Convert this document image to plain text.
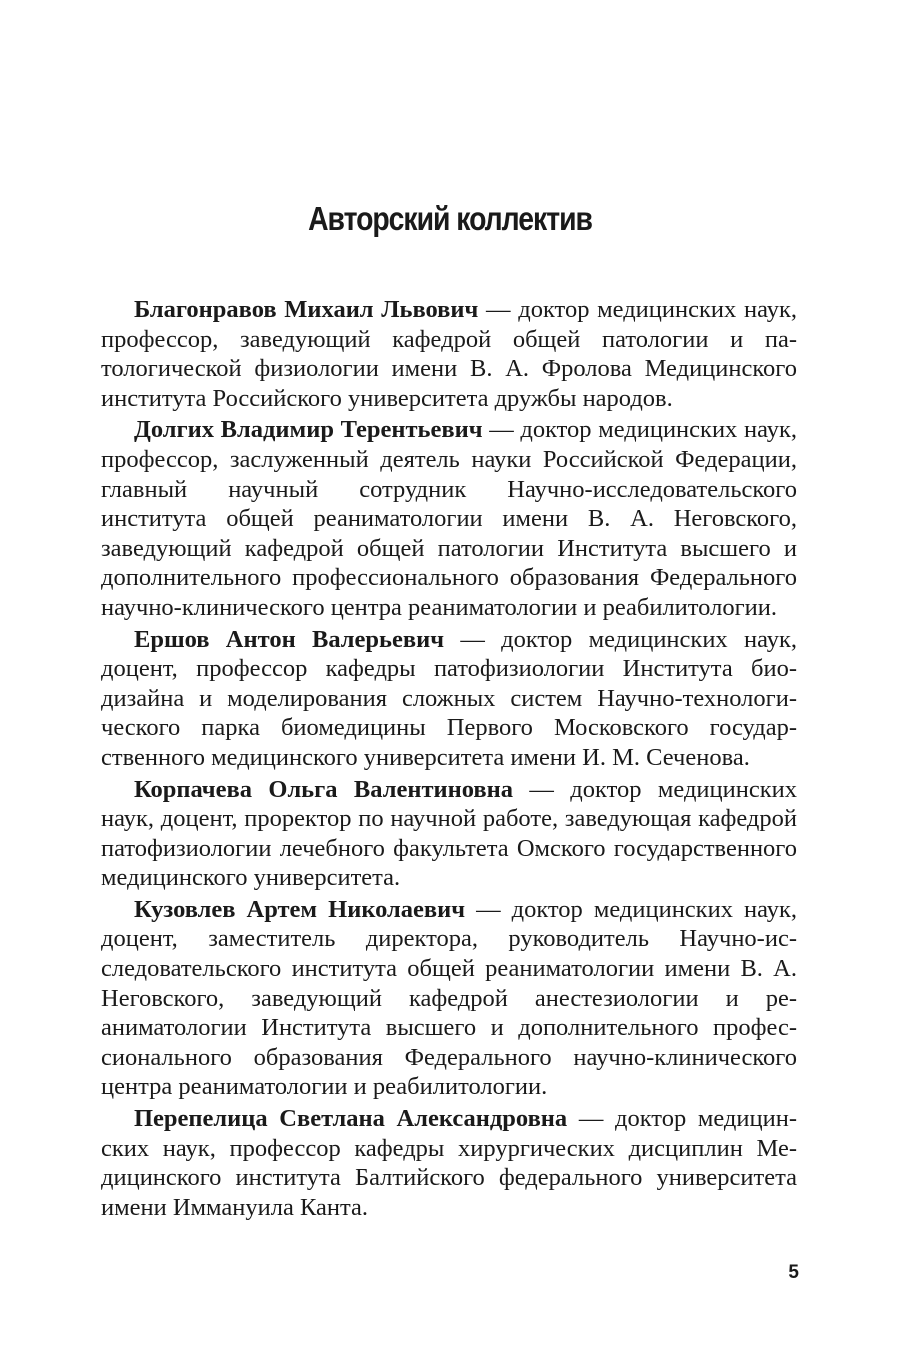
Авторский коллектив

Благонравов Михаил Львович — доктор медицинских наук, профессор, заведующий кафедрой общей патологии и патологической физиологии имени В. А. Фролова Медицинского института Российского университета дружбы народов.

Долгих Владимир Терентьевич — доктор медицинских наук, профессор, заслуженный деятель науки Российской Федерации, главный научный сотрудник Научно-исследовательского института общей реаниматологии имени В. А. Неговского, заведующий кафедрой общей патологии Института высшего и дополнительного профессионального образования Федерального научно-клинического центра реаниматологии и реабилитологии.

Ершов Антон Валерьевич — доктор медицинских наук, доцент, профессор кафедры патофизиологии Института биодизайна и моделирования сложных систем Научно-технологического парка биомедицины Первого Московского государственного медицинского университета имени И. М. Сеченова.

Корпачева Ольга Валентиновна — доктор медицинских наук, доцент, проректор по научной работе, заведующая кафедрой патофизиологии лечебного факультета Омского государственного медицинского университета.

Кузовлев Артем Николаевич — доктор медицинских наук, доцент, заместитель директора, руководитель Научно-исследовательского института общей реаниматологии имени В. А. Неговского, заведующий кафедрой анестезиологии и реаниматологии Института высшего и дополнительного профессионального образования Федерального научно-клинического центра реаниматологии и реабилитологии.

Перепелица Светлана Александровна — доктор медицинских наук, профессор кафедры хирургических дисциплин Медицинского института Балтийского федерального университета имени Иммануила Канта.

5
